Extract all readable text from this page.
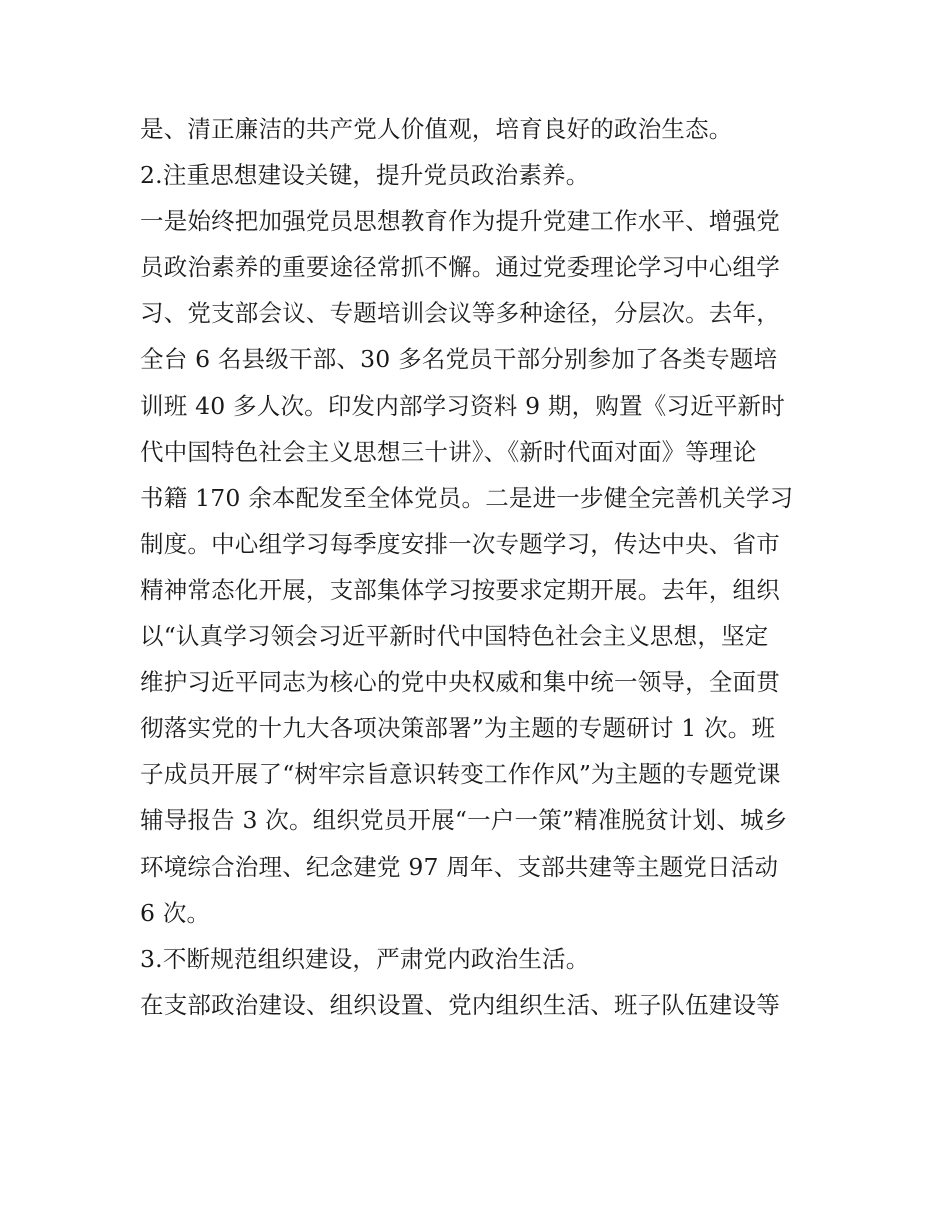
是、清正廉洁的共产党人价值观，培育良好的政治生态。
2.注重思想建设关键，提升党员政治素养。
一是始终把加强党员思想教育作为提升党建工作水平、增强党
员政治素养的重要途径常抓不懈。通过党委理论学习中心组学
习、党支部会议、专题培训会议等多种途径，分层次。去年，
全台 6 名县级干部、30 多名党员干部分别参加了各类专题培
训班 40 多人次。印发内部学习资料 9 期，购置《习近平新时
代中国特色社会主义思想三十讲》、《新时代面对面》等理论
书籍 170 余本配发至全体党员。二是进一步健全完善机关学习
制度。中心组学习每季度安排一次专题学习，传达中央、省市
精神常态化开展，支部集体学习按要求定期开展。去年，组织
以“认真学习领会习近平新时代中国特色社会主义思想，坚定
维护习近平同志为核心的党中央权威和集中统一领导，全面贯
彻落实党的十九大各项决策部署”为主题的专题研讨 1 次。班
子成员开展了“树牢宗旨意识转变工作作风”为主题的专题党课
辅导报告 3 次。组织党员开展“一户一策”精准脱贫计划、城乡
环境综合治理、纪念建党 97 周年、支部共建等主题党日活动
6 次。
3.不断规范组织建设，严肃党内政治生活。
在支部政治建设、组织设置、党内组织生活、班子队伍建设等
